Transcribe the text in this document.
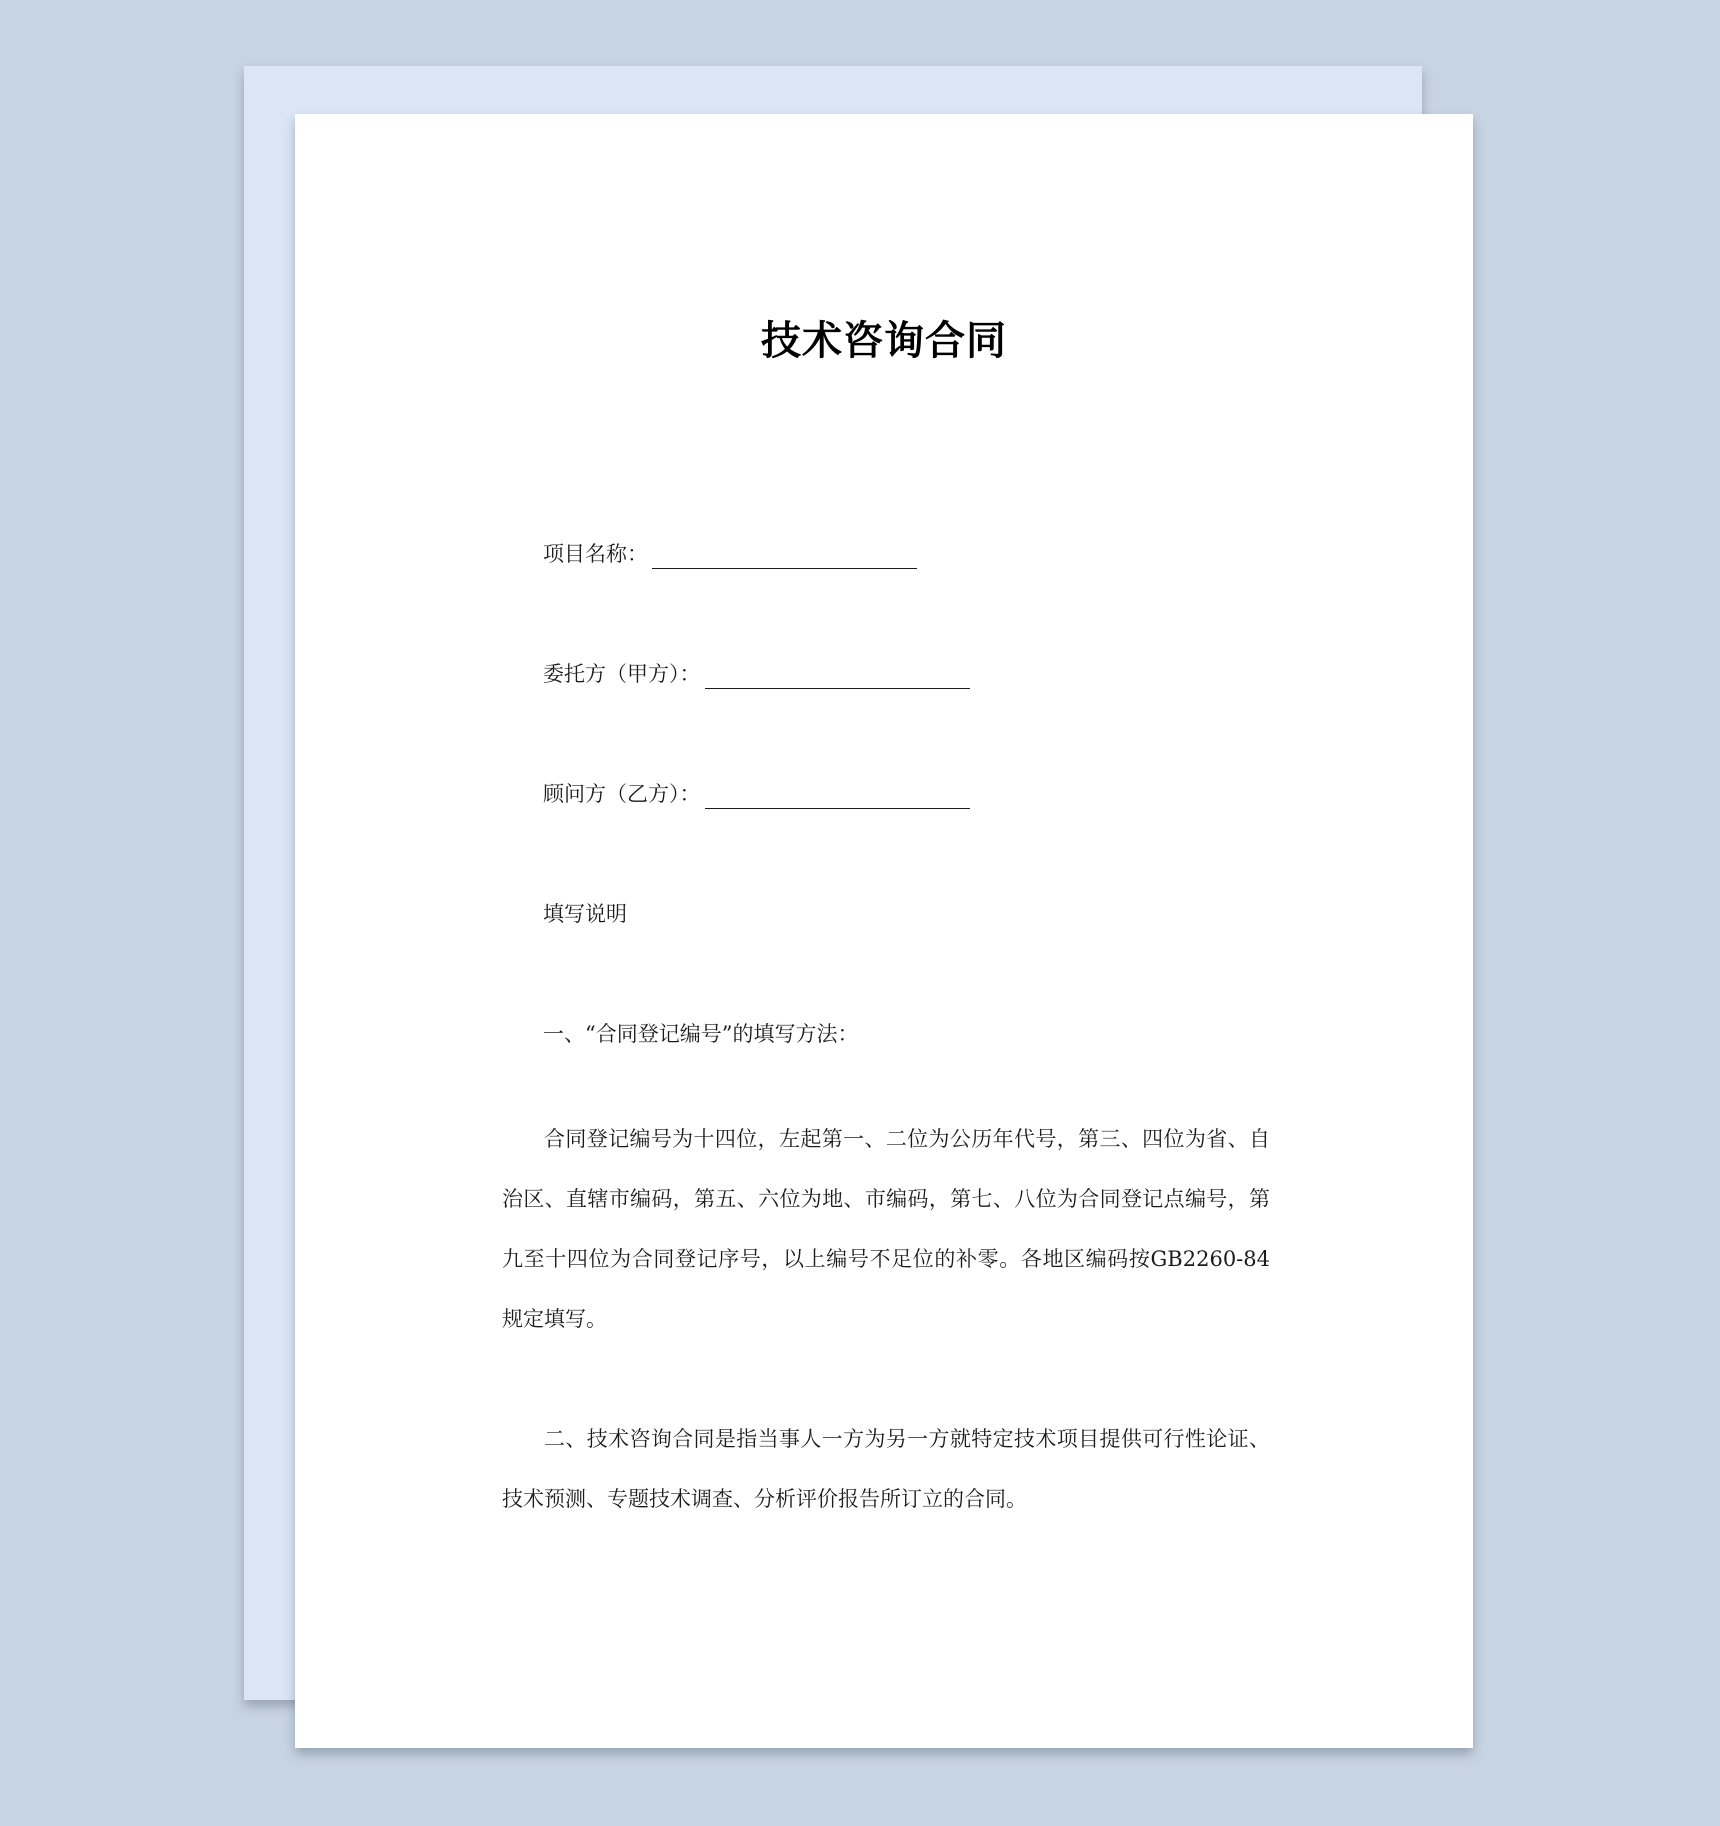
技术咨询合同
项目名称：
委托方（甲方）：
顾问方（乙方）：
填写说明
一、“合同登记编号”的填写方法：

合同登记编号为十四位，左起第一、二位为公历年代号，第三、四位为省、自治区、直辖市编码，第五、六位为地、市编码，第七、八位为合同登记点编号，第九至十四位为合同登记序号，以上编号不足位的补零。各地区编码按GB2260-84规定填写。

二、技术咨询合同是指当事人一方为另一方就特定技术项目提供可行性论证、技术预测、专题技术调查、分析评价报告所订立的合同。
